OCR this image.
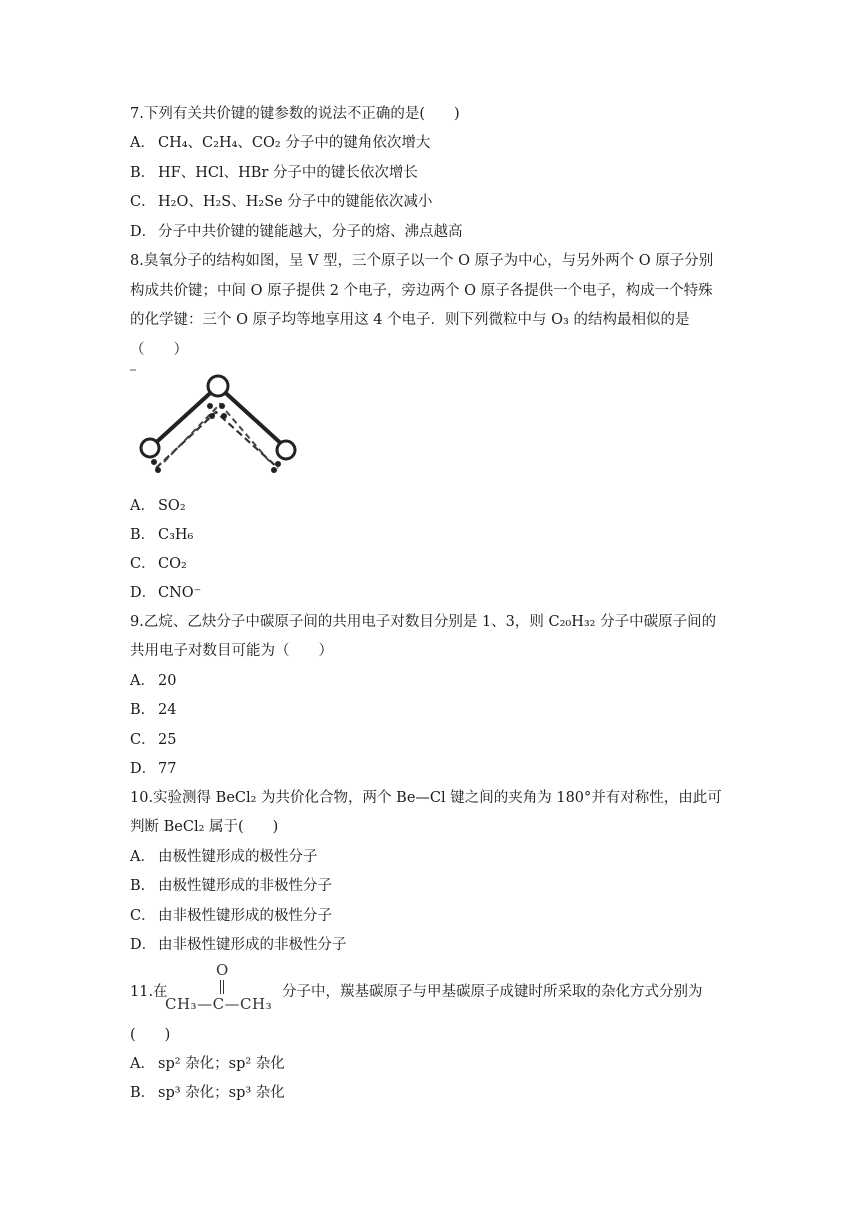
7.下列有关共价键的键参数的说法不正确的是(　　)
A． CH₄、C₂H₄、CO₂ 分子中的键角依次增大
B． HF、HCl、HBr 分子中的键长依次增长
C． H₂O、H₂S、H₂Se 分子中的键能依次减小
D． 分子中共价键的键能越大，分子的熔、沸点越高
8.臭氧分子的结构如图，呈 V 型，三个原子以一个 O 原子为中心，与另外两个 O 原子分别
构成共价键；中间 O 原子提供 2 个电子，旁边两个 O 原子各提供一个电子，构成一个特殊
的化学键：三个 O 原子均等地享用这 4 个电子．则下列微粒中与 O₃ 的结构最相似的是
（　　）
A． SO₂
B． C₃H₆
C． CO₂
D． CNO⁻
9.乙烷、乙炔分子中碳原子间的共用电子对数目分别是 1、3，则 C₂₀H₃₂ 分子中碳原子间的
共用电子对数目可能为（　　）
A． 20
B． 24
C． 25
D． 77
10.实验测得 BeCl₂ 为共价化合物，两个 Be—Cl 键之间的夹角为 180°并有对称性，由此可
判断 BeCl₂ 属于(　　)
A． 由极性键形成的极性分子
B． 由极性键形成的非极性分子
C． 由非极性键形成的极性分子
D． 由非极性键形成的非极性分子
11.在	分子中，羰基碳原子与甲基碳原子成键时所采取的杂化方式分别为
(　　)
A． sp² 杂化；sp² 杂化
B． sp³ 杂化；sp³ 杂化
O
CH₃—C—CH₃
